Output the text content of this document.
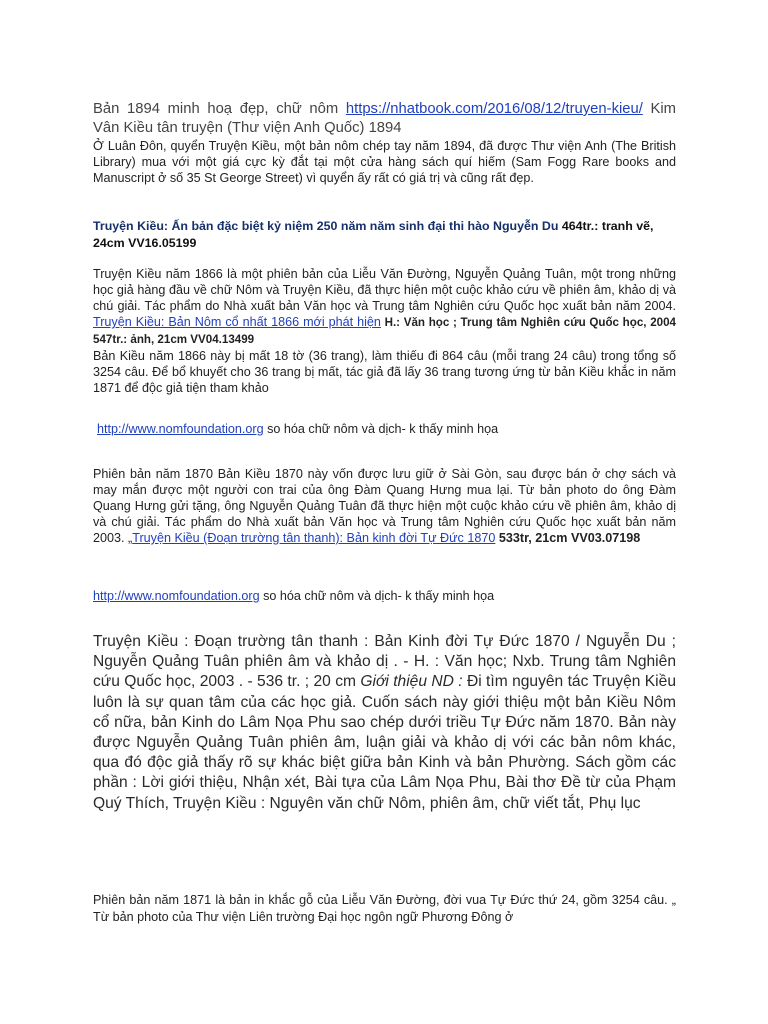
Bản 1894 minh hoạ đẹp, chữ nôm https://nhatbook.com/2016/08/12/truyen-kieu/ Kim Vân Kiều tân truyện (Thư viện Anh Quốc) 1894
Ở Luân Đôn, quyển Truyện Kiều, một bản nôm chép tay năm 1894, đã được Thư viện Anh (The British Library) mua với một giá cực kỳ đắt tại một cửa hàng sách quí hiếm (Sam Fogg Rare books and Manuscript ở số 35 St George Street) vì quyển ấy rất có giá trị và cũng rất đẹp.
Truyện Kiều: Ấn bản đặc biệt kỷ niệm 250 năm năm sinh đại thi hào Nguyễn Du 464tr.: tranh vẽ, 24cm VV16.05199
Truyện Kiều năm 1866 là một phiên bản của Liễu Văn Đường, Nguyễn Quảng Tuân, một trong những học giả hàng đầu về chữ Nôm và Truyện Kiều, đã thực hiện một cuộc khảo cứu về phiên âm, khảo dị và chú giải. Tác phẩm do Nhà xuất bản Văn học và Trung tâm Nghiên cứu Quốc học xuất bản năm 2004. Truyện Kiều: Bản Nôm cổ nhất 1866 mới phát hiện H.: Văn học ; Trung tâm Nghiên cứu Quốc học, 2004 547tr.: ảnh, 21cm VV04.13499
Bản Kiều năm 1866 này bị mất 18 tờ (36 trang), làm thiếu đi 864 câu (mỗi trang 24 câu) trong tổng số 3254 câu. Để bổ khuyết cho 36 trang bị mất, tác giả đã lấy 36 trang tương ứng từ bản Kiều khắc in năm 1871 để độc giả tiện tham khảo
http://www.nomfoundation.org so hóa chữ nôm và dịch- k thấy minh họa
Phiên bản năm 1870 Bản Kiều 1870 này vốn được lưu giữ ở Sài Gòn, sau được bán ở chợ sách và may mắn được một người con trai của ông Đàm Quang Hưng mua lại. Từ bản photo do ông Đàm Quang Hưng gửi tặng, ông Nguyễn Quảng Tuân đã thực hiện một cuộc khảo cứu về phiên âm, khảo dị và chú giải. Tác phẩm do Nhà xuất bản Văn học và Trung tâm Nghiên cứu Quốc học xuất bản năm 2003. „Truyện Kiều (Đoạn trường tân thanh): Bản kinh đời Tự Đức 1870 533tr, 21cm VV03.07198
http://www.nomfoundation.org so hóa chữ nôm và dịch- k thấy minh họa
Truyện Kiều : Đoạn trường tân thanh : Bản Kinh đời Tự Đức 1870 / Nguyễn Du ; Nguyễn Quảng Tuân phiên âm và khảo dị . - H. : Văn học; Nxb. Trung tâm Nghiên cứu Quốc học, 2003 . - 536 tr. ; 20 cm Giới thiệu ND : Đi tìm nguyên tác Truyện Kiều luôn là sự quan tâm của các học giả. Cuốn sách này giới thiệu một bản Kiều Nôm cổ nữa, bản Kinh do Lâm Nọa Phu sao chép dưới triều Tự Đức năm 1870. Bản này được Nguyễn Quảng Tuân phiên âm, luận giải và khảo dị với các bản nôm khác, qua đó độc giả thấy rõ sự khác biệt giữa bản Kinh và bản Phường. Sách gồm các phần : Lời giới thiệu, Nhận xét, Bài tựa của Lâm Nọa Phu, Bài thơ Đề từ của Phạm Quý Thích, Truyện Kiều : Nguyên văn chữ Nôm, phiên âm, chữ viết tắt, Phụ lục
Phiên bản năm 1871 là bản in khắc gỗ của Liễu Văn Đường, đời vua Tự Đức thứ 24, gồm 3254 câu. „ Từ bản photo của Thư viện Liên trường Đại học ngôn ngữ Phương Đông ở
